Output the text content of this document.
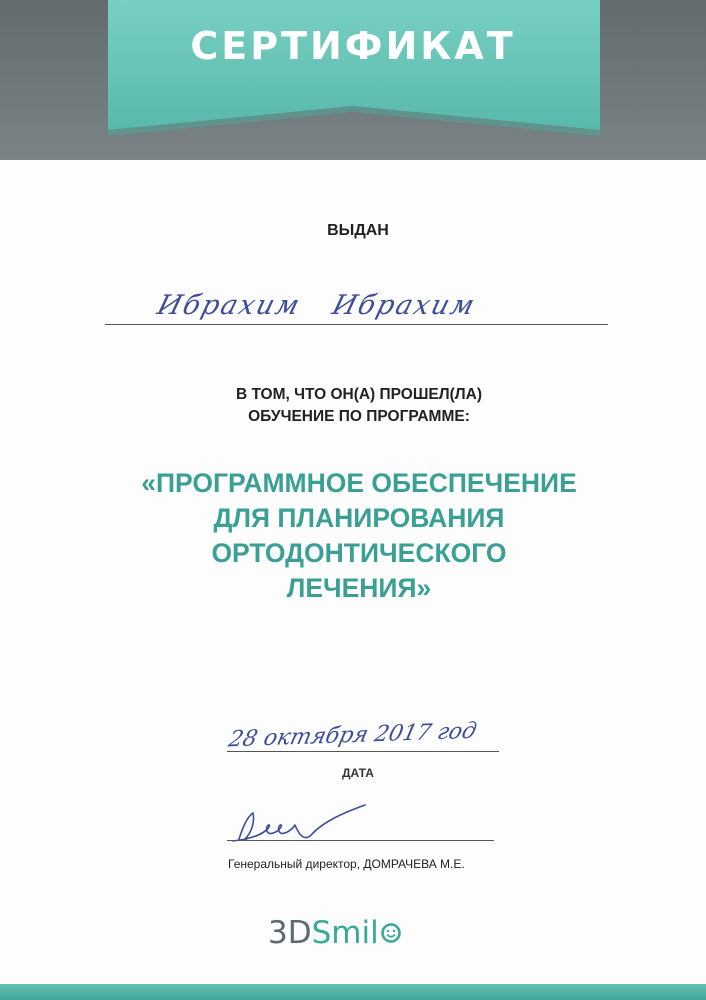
СЕРТИФИКАТ
ВЫДАН
Ибрахим Ибрахим
В ТОМ, ЧТО ОН(А) ПРОШЕЛ(ЛА)
ОБУЧЕНИЕ ПО ПРОГРАММЕ:
«ПРОГРАММНОЕ ОБЕСПЕЧЕНИЕ
ДЛЯ ПЛАНИРОВАНИЯ
ОРТОДОНТИЧЕСКОГО
ЛЕЧЕНИЯ»
28 октября 2017 год
ДАТА
Генеральный директор, ДОМРАЧЕВА М.Е.
3DSmil
